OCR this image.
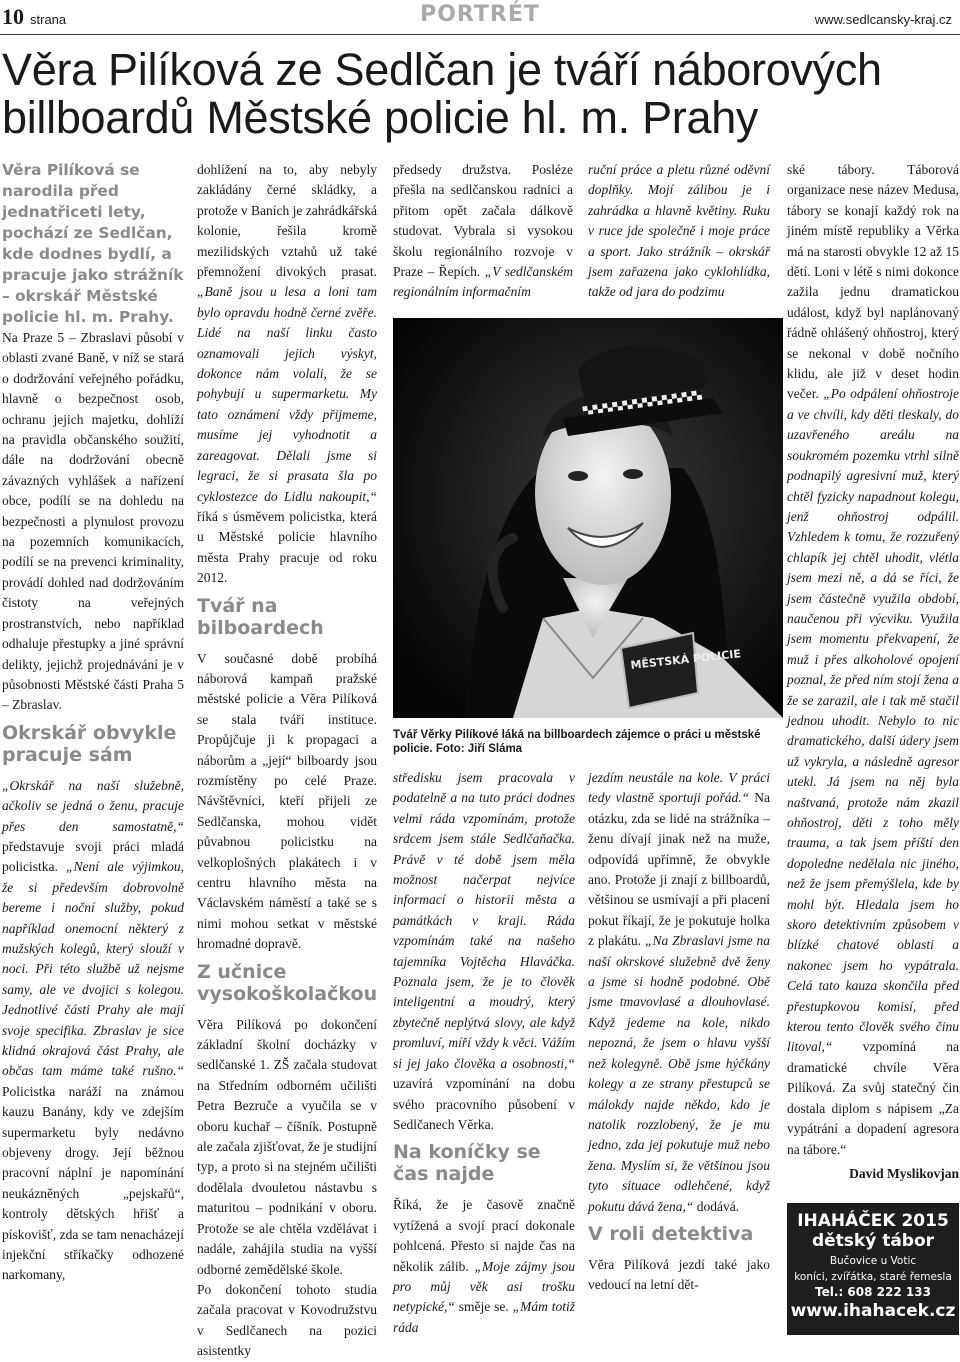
10 strana	PORTRÉT	www.sedlcansky-kraj.cz
Věra Pilíková ze Sedlčan je tváří náborových billboardů Městské policie hl. m. Prahy

Věra Pilíková se narodila před jednatřiceti lety, pochází ze Sedlčan, kde dodnes bydlí, a pracuje jako strážník – okrskář Městské policie hl. m. Prahy.

Na Praze 5 – Zbraslavi působí v oblasti zvané Baně, v níž se stará o dodržování veřejného pořádku, hlavně o bezpečnost osob, ochranu jejich majetku, dohlíží na pravidla občanského soužití, dále na dodržování obecně závazných vyhlášek a nařízení obce, podílí se na dohledu na bezpečnosti a plynulost provozu na pozemních komunikacích, podílí se na prevenci kriminality, provádí dohled nad dodržováním čistoty na veřejných prostranstvích, nebo například odhaluje přestupky a jiné správní delikty, jejichž projednávání je v působnosti Městské části Praha 5 – Zbraslav.

Okrskář obvykle pracuje sám

„Okrskář na naší služebně, ačkoliv se jedná o ženu, pracuje přes den samostatně,“ představuje svoji práci mladá policistka. „Není ale výjimkou, že si především dobrovolně bereme i noční služby, pokud například onemocní některý z mužských kolegů, který slouží v noci. Při této službě už nejsme samy, ale ve dvojici s kolegou. Jednotlivé části Prahy ale mají svoje specifika. Zbraslav je sice klidná okrajová část Prahy, ale občas tam máme také rušno.“ Policistka naráží na známou kauzu Banány, kdy ve zdejším supermarketu byly nedávno objeveny drogy. Její běžnou pracovní náplní je napomínání neukázněných „pejskařů“, kontroly dětských hřišť a pískovišť, zda se tam nenacházejí injekční stříkačky odhozené narkomany,

dohlížení na to, aby nebyly zakládány černé skládky, a protože v Baních je zahrádkářská kolonie, řešila kromě mezilidských vztahů už také přemnožení divokých prasat. „Baně jsou u lesa a loni tam bylo opravdu hodně černé zvěře. Lidé na naší linku často oznamovali jejich výskyt, dokonce nám volali, že se pohybují u supermarketu. My tato oznámení vždy přijmeme, musíme jej vyhodnotit a zareagovat. Dělali jsme si legraci, že si prasata šla po cyklostezce do Lidlu nakoupit,“ říká s úsměvem policistka, která u Městské policie hlavního města Prahy pracuje od roku 2012.

Tvář na bilboardech

V současné době probíhá náborová kampaň pražské městské policie a Věra Pilíková se stala tváří instituce. Propůjčuje ji k propagaci a náborům a „její“ bilboardy jsou rozmístěny po celé Praze. Návštěvníci, kteří přijeli ze Sedlčanska, mohou vidět půvabnou policistku na velkoplošných plakátech i v centru hlavního města na Václavském náměstí a také se s nimi mohou setkat v městské hromadné dopravě.

Z učnice vysokoškolačkou

Věra Pilíková po dokončení základní školní docházky v sedlčanské 1. ZŠ začala studovat na Středním odborném učilišti Petra Bezruče a vyučila se v oboru kuchař – číšník. Postupně ale začala zjišťovat, že je studijní typ, a proto si na stejném učilišti dodělala dvouletou nástavbu s maturitou – podnikání v oboru. Protože se ale chtěla vzdělávat i nadále, zahájila studia na vyšší odborné zemědělské škole.

Po dokončení tohoto studia začala pracovat v Kovodružstvu v Sedlčanech na pozici asistentky

předsedy družstva. Posléze přešla na sedlčanskou radnici a přitom opět začala dálkově studovat. Vybrala si vysokou školu regionálního rozvoje v Praze – Řepích. „V sedlčanském regionálním informačním

ruční práce a pletu různé oděvní doplňky. Mojí zálibou je i zahrádka a hlavně květiny. Ruku v ruce jde společně i moje práce a sport. Jako strážník – okrskář jsem zařazena jako cyklohlídka, takže od jara do podzimu

MĚSTSKÁ POLICIE
Tvář Věrky Pilíkové láká na billboardech zájemce o práci u městské policie. Foto: Jiří Sláma

středisku jsem pracovala v podatelně a na tuto práci dodnes velmi ráda vzpomínám, protože srdcem jsem stále Sedlčaňačka. Právě v té době jsem měla možnost načerpat nejvíce informací o historii města a památkách v kraji. Ráda vzpomínám také na našeho tajemníka Vojtěcha Hlaváčka. Poznala jsem, že je to člověk inteligentní a moudrý, který zbytečně neplýtvá slovy, ale když promluví, míří vždy k věci. Vážím si jej jako člověka a osobnosti,“ uzavírá vzpomínání na dobu svého pracovního působení v Sedlčanech Věrka.

Na koníčky se čas najde

Říká, že je časově značně vytížená a svojí prací dokonale pohlcená. Přesto si najde čas na několik zálib. „Moje zájmy jsou pro můj věk asi trošku netypické,“ směje se. „Mám totiž ráda

jezdím neustále na kole. V práci tedy vlastně sportuji pořád.“ Na otázku, zda se lidé na strážníka – ženu dívají jinak než na muže, odpovídá upřímně, že obvykle ano. Protože ji znají z billboardů, většinou se usmívají a při placení pokut říkají, že je pokutuje holka z plakátu. „Na Zbraslavi jsme na naší okrskové služebně dvě ženy a jsme si hodně podobné. Obě jsme tmavovlasé a dlouhovlasé. Když jedeme na kole, nikdo nepozná, že jsem o hlavu vyšší než kolegyně. Obě jsme hýčkány kolegy a ze strany přestupců se málokdy najde někdo, kdo je natolik rozzlobený, že je mu jedno, zda jej pokutuje muž nebo žena. Myslím si, že většinou jsou tyto situace odlehčené, když pokutu dává žena,“ dodává.

V roli detektiva

Věra Pilíková jezdí také jako vedoucí na letní dět-

ské tábory. Táborová organizace nese název Medusa, tábory se konají každý rok na jiném místě republiky a Věrka má na starosti obvykle 12 až 15 dětí. Loni v létě s nimi dokonce zažila jednu dramatickou událost, když byl naplánovaný řádně ohlášený ohňostroj, který se nekonal v době nočního klidu, ale již v deset hodin večer. „Po odpálení ohňostroje a ve chvíli, kdy děti tleskaly, do uzavřeného areálu na soukromém pozemku vtrhl silně podnapilý agresivní muž, který chtěl fyzicky napadnout kolegu, jenž ohňostroj odpálil. Vzhledem k tomu, že rozzuřený chlapík jej chtěl uhodit, vlétla jsem mezi ně, a dá se říci, že jsem částečně využila období, naučenou při výcviku. Využila jsem momentu překvapení, že muž i přes alkoholové opojení poznal, že před ním stojí žena a že se zarazil, ale i tak mě stačil jednou uhodit. Nebylo to nic dramatického, další údery jsem už vykryla, a následně agresor utekl. Já jsem na něj byla naštvaná, protože nám zkazil ohňostroj, děti z toho měly trauma, a tak jsem příští den dopoledne nedělala nic jiného, než že jsem přemýšlela, kde by mohl být. Hledala jsem ho skoro detektivním způsobem v blízké chatové oblasti a nakonec jsem ho vypátrala. Celá tato kauza skončila před přestupkovou komisí, před kterou tento člověk svého činu litoval,“ vzpomíná na dramatické chvíle Věra Pilíková. Za svůj statečný čin dostala diplom s nápisem „Za vypátrání a dopadení agresora na tábore.“

David Myslikovjan

IHAHÁČEK 2015
dětský tábor
Bučovice u Votic
koníci, zvířátka, staré řemesla
Tel.: 608 222 133
www.ihahacek.cz
